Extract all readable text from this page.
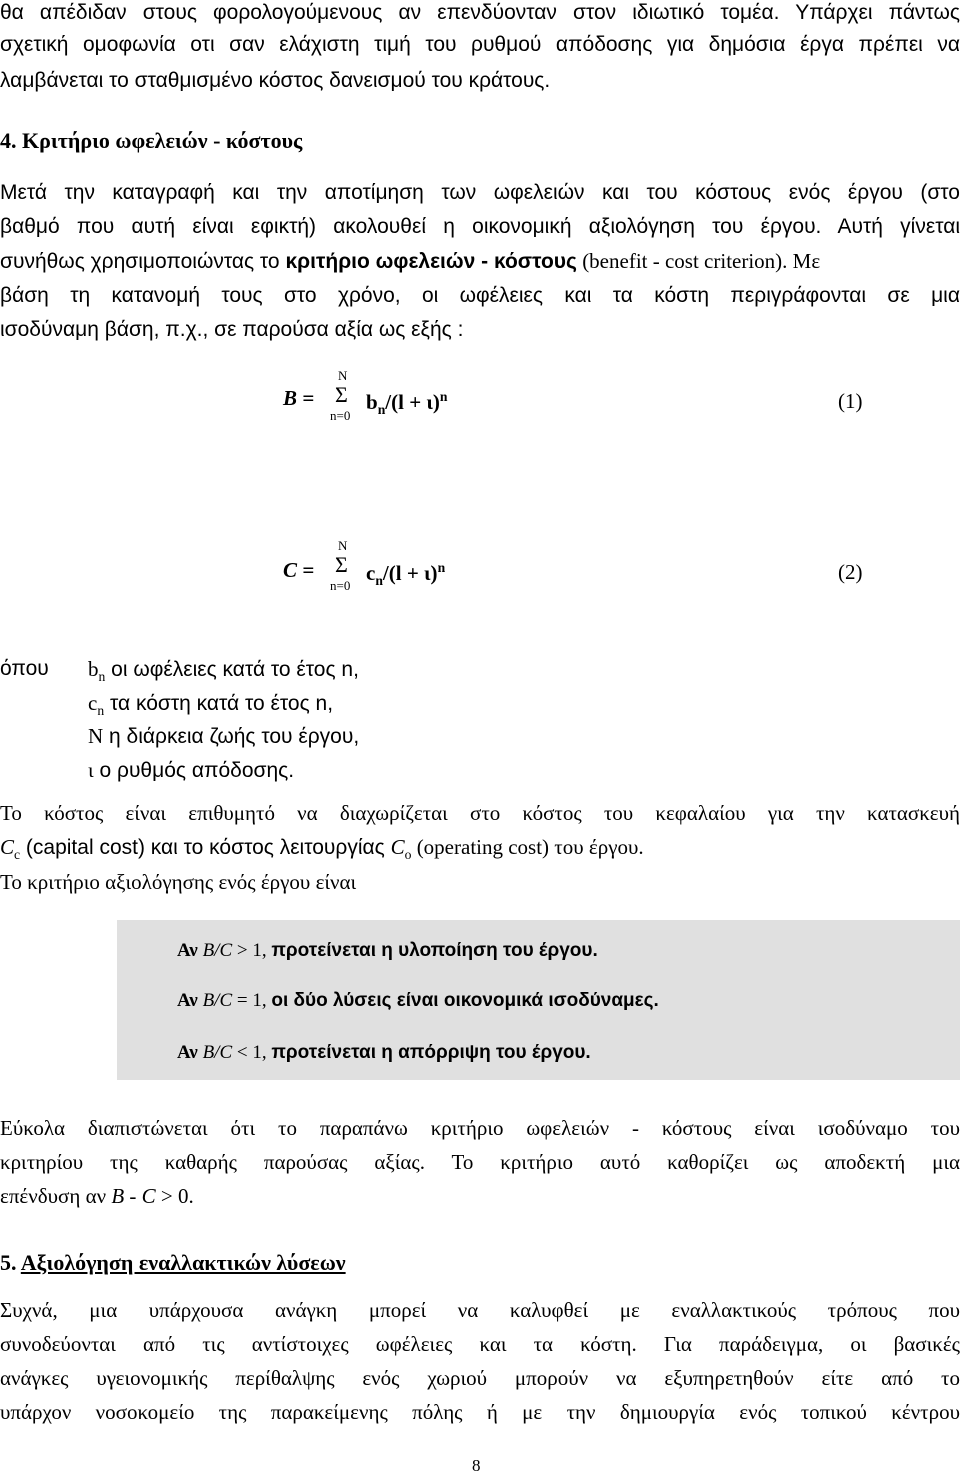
θα απέδιδαν στους φορολογούμενους αν επενδύονταν στον ιδιωτικό τομέα. Υπάρχει πάντως
σχετική ομοφωνία οτι σαν ελάχιστη τιμή του ρυθμού απόδοσης για δημόσια έργα πρέπει να
λαμβάνεται το σταθμισμένο κόστος δανεισμού του κράτους.
4. Κριτήριο ωφελειών - κόστους
Μετά την καταγραφή και την αποτίμηση των ωφελειών και του κόστους ενός έργου (στο
βαθμό που αυτή είναι εφικτή) ακολουθεί η οικονομική αξιολόγηση του έργου. Αυτή γίνεται
συνήθως χρησιμοποιώντας το κριτήριο ωφελειών - κόστους (benefit - cost criterion). Με
βάση τη κατανομή τους στο χρόνο, οι ωφέλειες και τα κόστη περιγράφονται σε μια
ισοδύναμη βάση, π.χ., σε παρούσα αξία ως εξής :
B =
N
Σ
n=0
$b_n/(l + \iota)^n$	(1)
C =
N
Σ
n=0
$c_n/(l + \iota)^n$	(2)
όπου	$b_n$ οι ωφέλειες κατά το έτος n,
$c_n$ τα κόστη κατά το έτος n,
N η διάρκεια ζωής του έργου,
ι ο ρυθμός απόδοσης.
Το κόστος είναι επιθυμητό να διαχωρίζεται στο κόστος του κεφαλαίου για την κατασκευή
$C_c$ (capital cost) και το κόστος λειτουργίας $C_o$ (operating cost) του έργου.
Το κριτήριο αξιολόγησης ενός έργου είναι
Αν B/C > 1, προτείνεται η υλοποίηση του έργου.
Αν B/C = 1, οι δύο λύσεις είναι οικονομικά ισοδύναμες.
Αν B/C < 1, προτείνεται η απόρριψη του έργου.
Εύκολα διαπιστώνεται ότι το παραπάνω κριτήριο ωφελειών - κόστους είναι ισοδύναμο του
κριτηρίου της καθαρής παρούσας αξίας. Το κριτήριο αυτό καθορίζει ως αποδεκτή μια
επένδυση αν B - C > 0.
5. Αξιολόγηση εναλλακτικών λύσεων
Συχνά, μια υπάρχουσα ανάγκη μπορεί να καλυφθεί με εναλλακτικούς τρόπους που
συνοδεύονται από τις αντίστοιχες ωφέλειες και τα κόστη. Για παράδειγμα, οι βασικές
ανάγκες υγειονομικής περίθαλψης ενός χωριού μπορούν να εξυπηρετηθούν είτε από το
υπάρχον νοσοκομείο της παρακείμενης πόλης ή με την δημιουργία ενός τοπικού κέντρου
8
